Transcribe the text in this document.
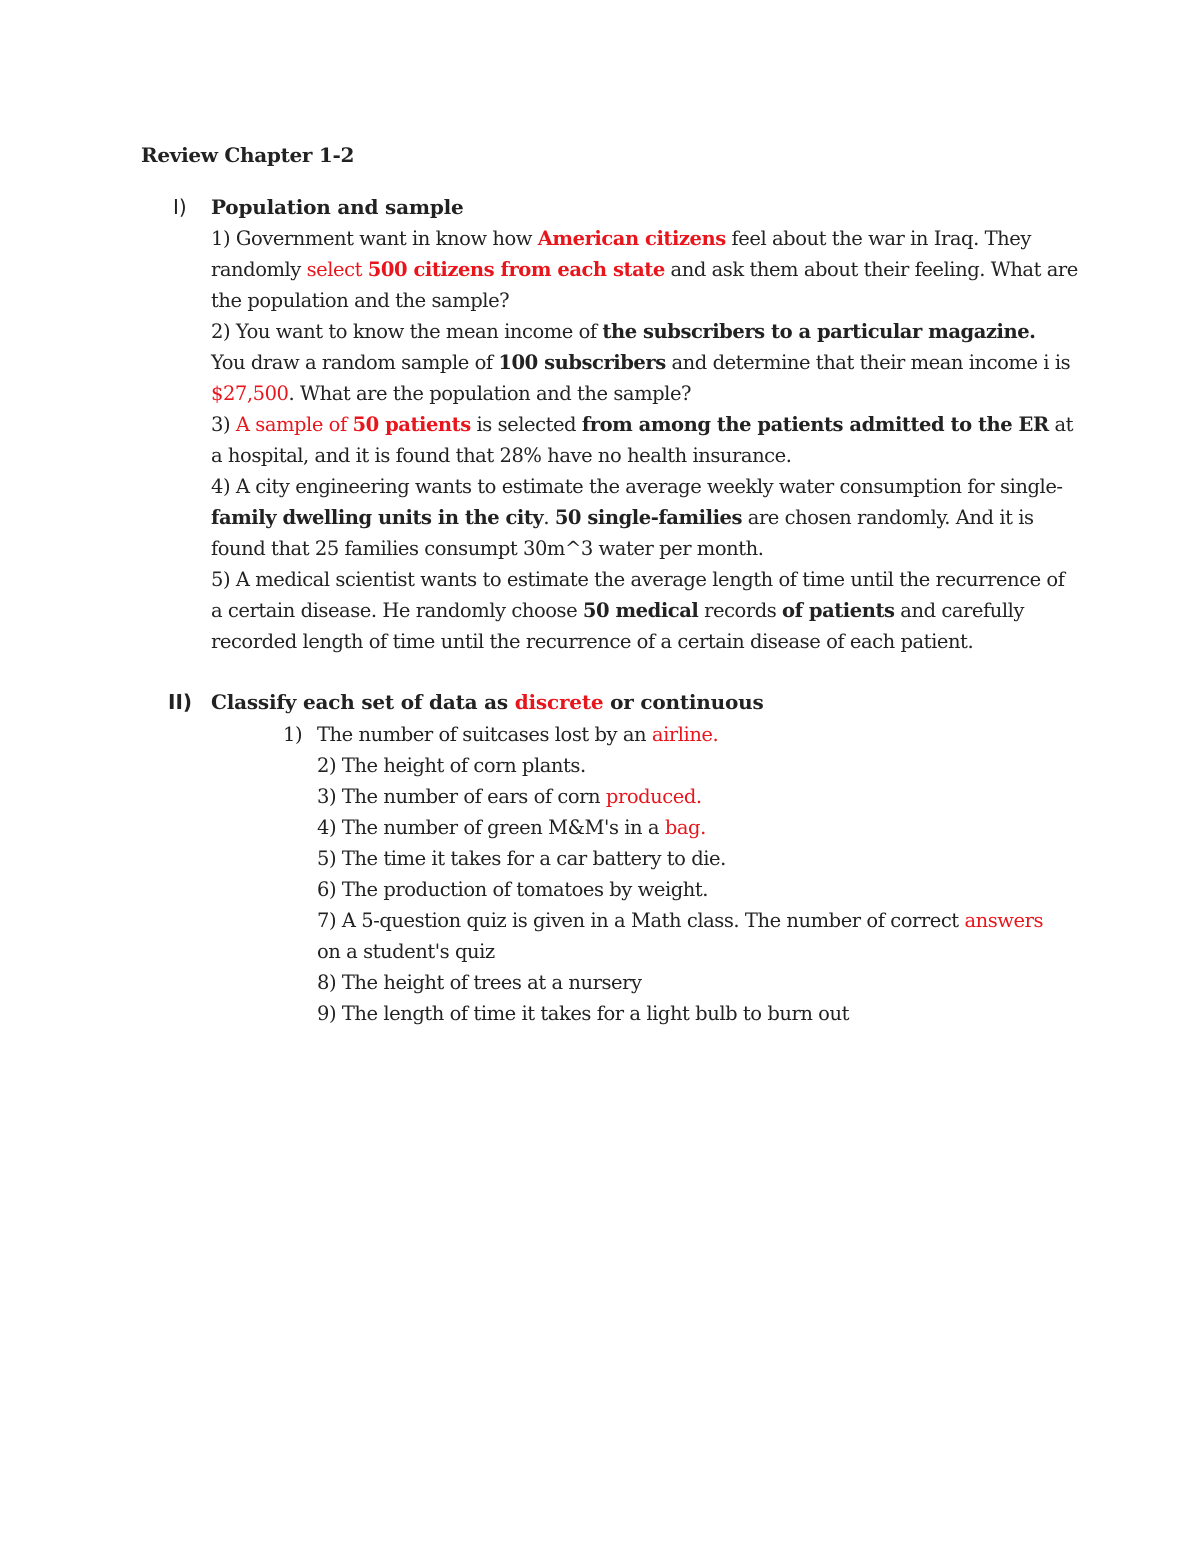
Review Chapter 1-2
I) Population and sample
1) Government want in know how American citizens feel about the war in Iraq. They
randomly select 500 citizens from each state and ask them about their feeling. What are
the population and the sample?
2) You want to know the mean income of the subscribers to a particular magazine.
You draw a random sample of 100 subscribers and determine that their mean income i is
$27,500. What are the population and the sample?
3) A sample of 50 patients is selected from among the patients admitted to the ER at
a hospital, and it is found that 28% have no health insurance.
4) A city engineering wants to estimate the average weekly water consumption for single-
family dwelling units in the city. 50 single-families are chosen randomly. And it is
found that 25 families consumpt 30m^3 water per month.
5) A medical scientist wants to estimate the average length of time until the recurrence of
a certain disease. He randomly choose 50 medical records of patients and carefully
recorded length of time until the recurrence of a certain disease of each patient.
II) Classify each set of data as discrete or continuous
1) The number of suitcases lost by an airline.
2) The height of corn plants.
3) The number of ears of corn produced.
4) The number of green M&M's in a bag.
5) The time it takes for a car battery to die.
6) The production of tomatoes by weight.
7) A 5-question quiz is given in a Math class. The number of correct answers
on a student's quiz
8) The height of trees at a nursery
9) The length of time it takes for a light bulb to burn out
